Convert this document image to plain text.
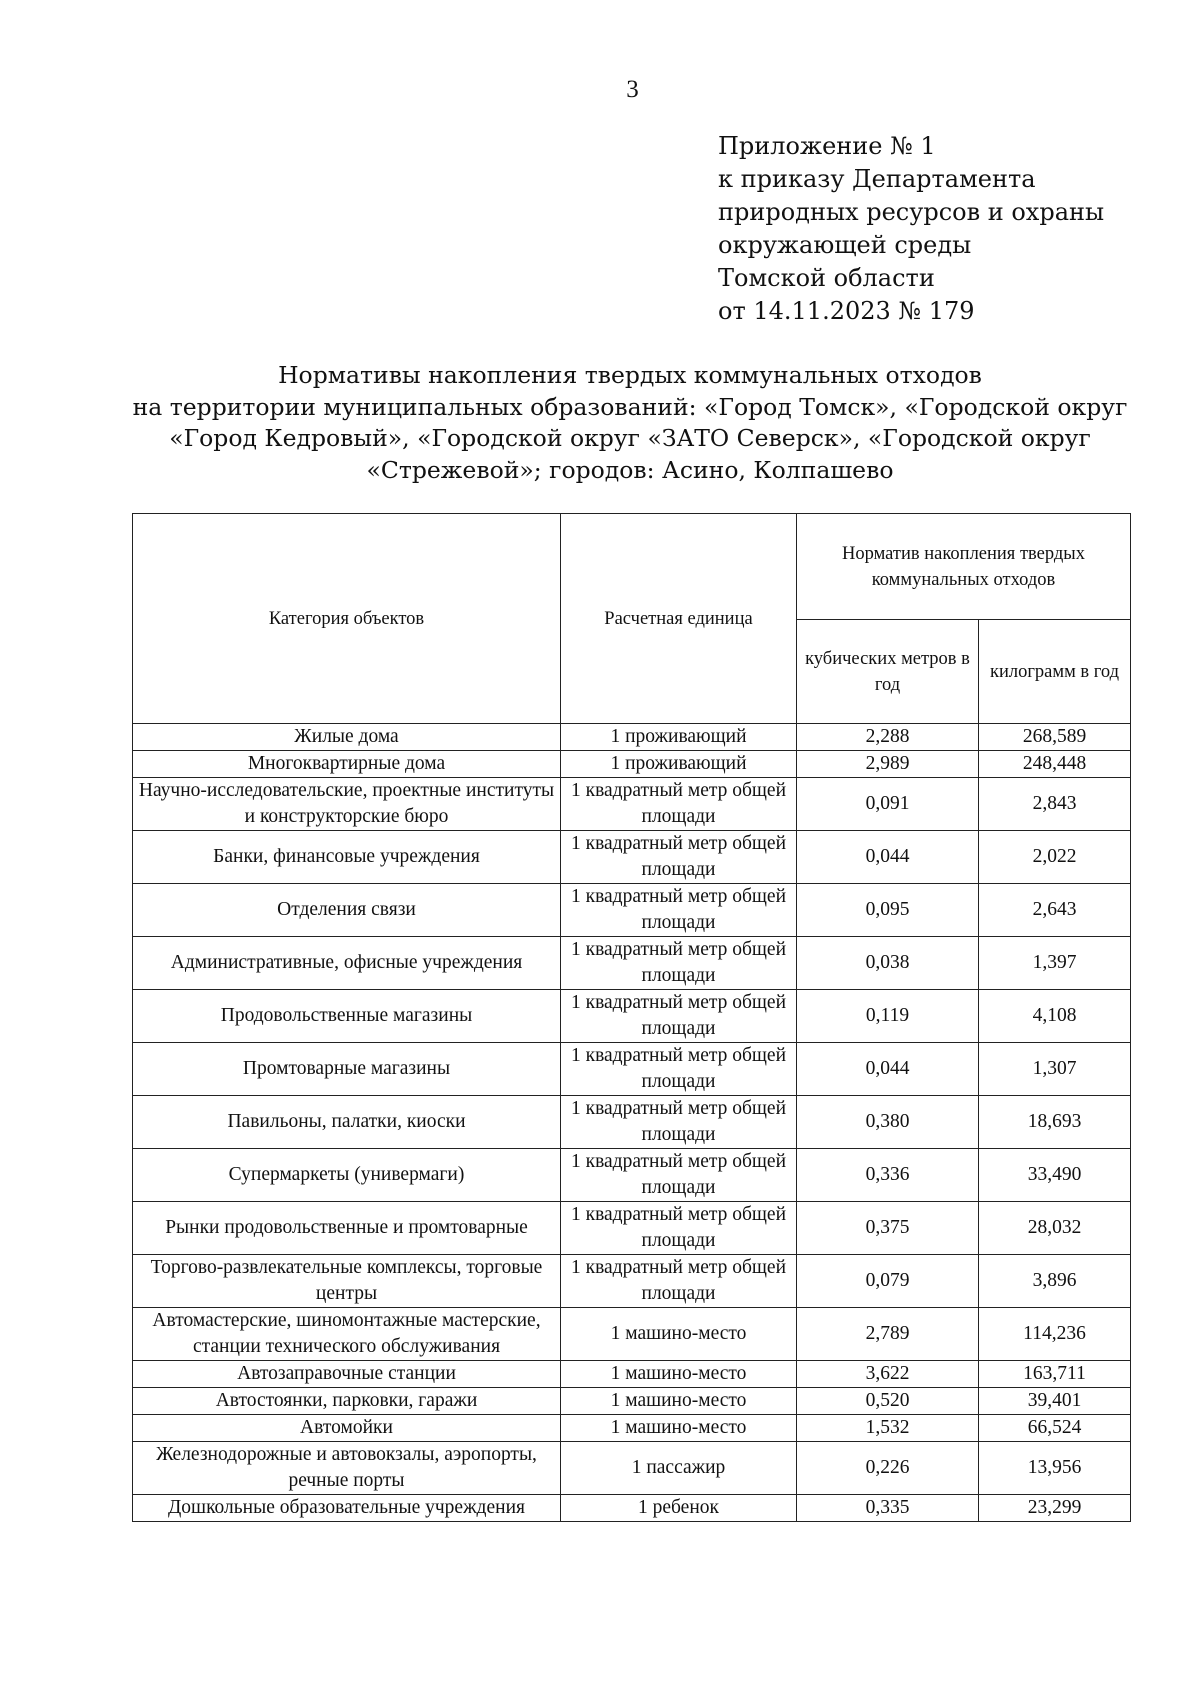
3
Приложение № 1
к приказу Департамента
природных ресурсов и охраны
окружающей среды
Томской области
от 14.11.2023 № 179
Нормативы накопления твердых коммунальных отходов
на территории муниципальных образований: «Город Томск», «Городской округ
«Город Кедровый», «Городской округ «ЗАТО Северск», «Городской округ
«Стрежевой»; городов: Асино, Колпашево
Категория объектов	Расчетная единица	Норматив накопления твердых коммунальных отходов	
		кубических метров в год	килограмм в год
Жилые дома	1 проживающий	2,288	268,589
Многоквартирные дома	1 проживающий	2,989	248,448
Научно-исследовательские, проектные институты и конструкторские бюро	1 квадратный метр общей площади	0,091	2,843
Банки, финансовые учреждения	1 квадратный метр общей площади	0,044	2,022
Отделения связи	1 квадратный метр общей площади	0,095	2,643
Административные, офисные учреждения	1 квадратный метр общей площади	0,038	1,397
Продовольственные магазины	1 квадратный метр общей площади	0,119	4,108
Промтоварные магазины	1 квадратный метр общей площади	0,044	1,307
Павильоны, палатки, киоски	1 квадратный метр общей площади	0,380	18,693
Супермаркеты (универмаги)	1 квадратный метр общей площади	0,336	33,490
Рынки продовольственные и промтоварные	1 квадратный метр общей площади	0,375	28,032
Торгово-развлекательные комплексы, торговые центры	1 квадратный метр общей площади	0,079	3,896
Автомастерские, шиномонтажные мастерские, станции технического обслуживания	1 машино-место	2,789	114,236
Автозаправочные станции	1 машино-место	3,622	163,711
Автостоянки, парковки, гаражи	1 машино-место	0,520	39,401
Автомойки	1 машино-место	1,532	66,524
Железнодорожные и автовокзалы, аэропорты, речные порты	1 пассажир	0,226	13,956
Дошкольные образовательные учреждения	1 ребенок	0,335	23,299
